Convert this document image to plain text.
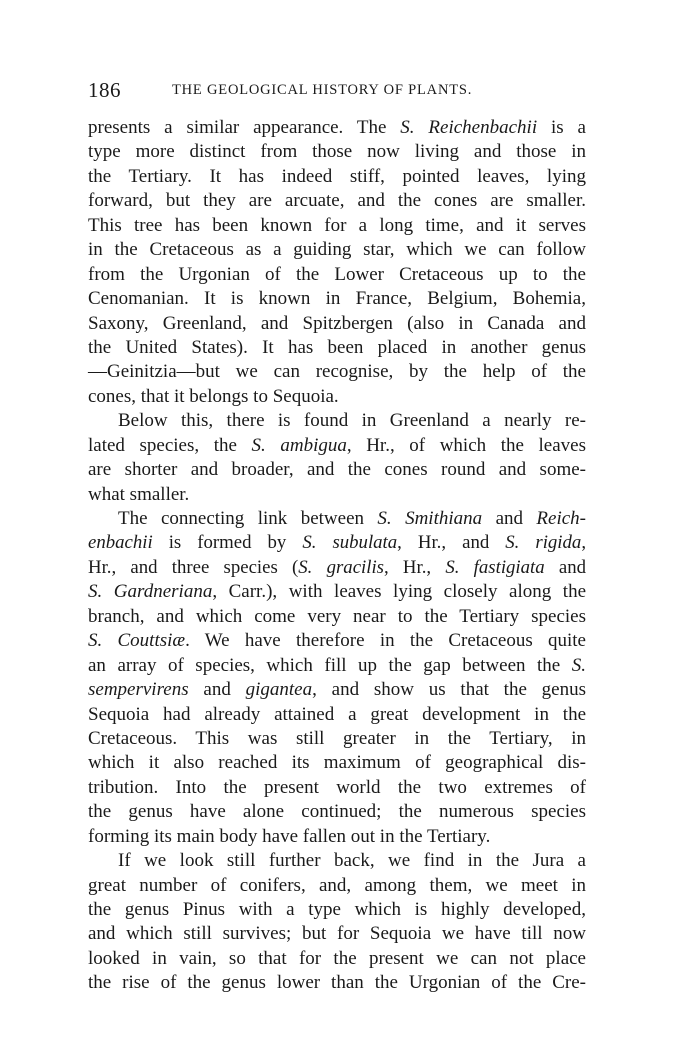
186	THE GEOLOGICAL HISTORY OF PLANTS.
presents a similar appearance. The S. Reichenbachii is a
type more distinct from those now living and those in
the Tertiary. It has indeed stiff, pointed leaves, lying
forward, but they are arcuate, and the cones are smaller.
This tree has been known for a long time, and it serves
in the Cretaceous as a guiding star, which we can follow
from the Urgonian of the Lower Cretaceous up to the
Cenomanian. It is known in France, Belgium, Bohemia,
Saxony, Greenland, and Spitzbergen (also in Canada and
the United States). It has been placed in another genus
—Geinitzia—but we can recognise, by the help of the
cones, that it belongs to Sequoia.
Below this, there is found in Greenland a nearly re-
lated species, the S. ambigua, Hr., of which the leaves
are shorter and broader, and the cones round and some-
what smaller.
The connecting link between S. Smithiana and Reich-
enbachii is formed by S. subulata, Hr., and S. rigida,
Hr., and three species (S. gracilis, Hr., S. fastigiata and
S. Gardneriana, Carr.), with leaves lying closely along the
branch, and which come very near to the Tertiary species
S. Couttsiæ. We have therefore in the Cretaceous quite
an array of species, which fill up the gap between the S.
sempervirens and gigantea, and show us that the genus
Sequoia had already attained a great development in the
Cretaceous. This was still greater in the Tertiary, in
which it also reached its maximum of geographical dis-
tribution. Into the present world the two extremes of
the genus have alone continued; the numerous species
forming its main body have fallen out in the Tertiary.
If we look still further back, we find in the Jura a
great number of conifers, and, among them, we meet in
the genus Pinus with a type which is highly developed,
and which still survives; but for Sequoia we have till now
looked in vain, so that for the present we can not place
the rise of the genus lower than the Urgonian of the Cre-
